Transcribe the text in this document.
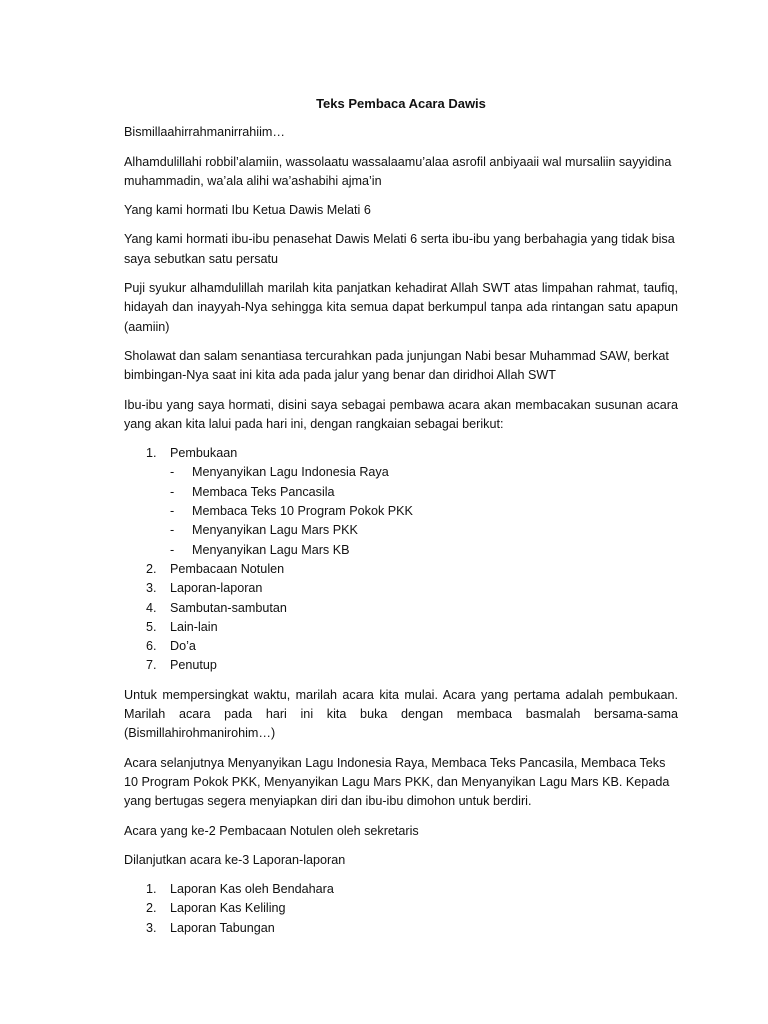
Teks Pembaca Acara Dawis
Bismillaahirrahmanirrahiim…
Alhamdulillahi robbil’alamiin, wassolaatu wassalaamu’alaa asrofil anbiyaaii wal mursaliin sayyidina muhammadin, wa’ala alihi wa’ashabihi ajma’in
Yang kami hormati Ibu Ketua Dawis Melati 6
Yang kami hormati ibu-ibu penasehat Dawis Melati 6 serta ibu-ibu yang berbahagia yang tidak bisa saya sebutkan satu persatu
Puji syukur alhamdulillah marilah kita panjatkan kehadirat Allah SWT atas limpahan rahmat, taufiq, hidayah dan inayyah-Nya sehingga kita semua dapat berkumpul tanpa ada rintangan satu apapun (aamiin)
Sholawat dan salam senantiasa tercurahkan pada junjungan Nabi besar Muhammad SAW, berkat bimbingan-Nya saat ini kita ada pada jalur yang benar dan diridhoi Allah SWT
Ibu-ibu yang saya hormati, disini saya sebagai pembawa acara akan membacakan susunan acara yang akan kita lalui pada hari ini, dengan rangkaian sebagai berikut:
1. Pembukaan
- Menyanyikan Lagu Indonesia Raya
- Membaca Teks Pancasila
- Membaca Teks 10 Program Pokok PKK
- Menyanyikan Lagu Mars PKK
- Menyanyikan Lagu Mars KB
2. Pembacaan Notulen
3. Laporan-laporan
4. Sambutan-sambutan
5. Lain-lain
6. Do’a
7. Penutup
Untuk mempersingkat waktu, marilah acara kita mulai. Acara yang pertama adalah pembukaan. Marilah acara pada hari ini kita buka dengan membaca basmalah bersama-sama (Bismillahirohmanirohim…)
Acara selanjutnya Menyanyikan Lagu Indonesia Raya, Membaca Teks Pancasila, Membaca Teks 10 Program Pokok PKK, Menyanyikan Lagu Mars PKK, dan Menyanyikan Lagu Mars KB. Kepada yang bertugas segera menyiapkan diri dan ibu-ibu dimohon untuk berdiri.
Acara yang ke-2 Pembacaan Notulen oleh sekretaris
Dilanjutkan acara ke-3 Laporan-laporan
1. Laporan Kas oleh Bendahara
2. Laporan Kas Keliling
3. Laporan Tabungan
